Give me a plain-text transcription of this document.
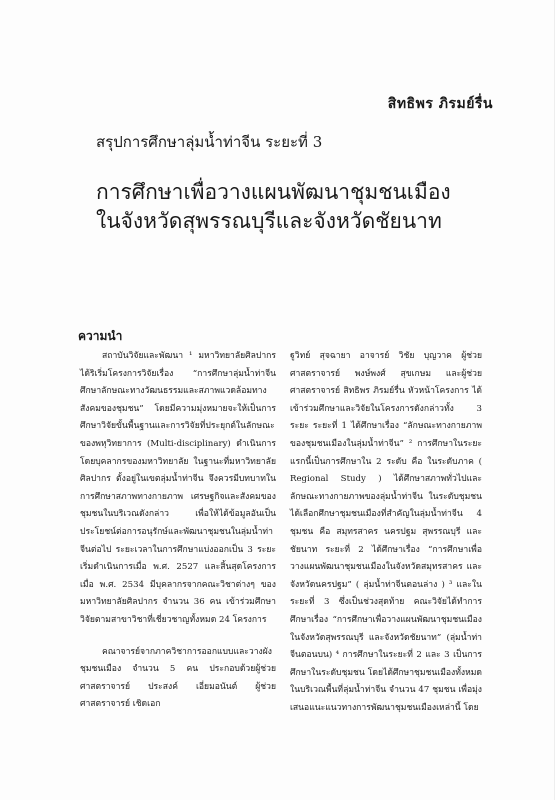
สิทธิพร ภิรมย์รื่น
สรุปการศึกษาลุ่มน้ำท่าจีน ระยะที่ 3
การศึกษาเพื่อวางแผนพัฒนาชุมชนเมือง
ในจังหวัดสุพรรณบุรีและจังหวัดชัยนาท
ความนำ

สถาบันวิจัยและพัฒนา ¹ มหาวิทยาลัยศิลปากร ได้ริเริ่มโครงการวิจัยเรื่อง “การศึกษาลุ่มน้ำท่าจีน ศึกษาลักษณะทางวัฒนธรรมและสภาพแวดล้อมทางสังคมของชุมชน” โดยมีความมุ่งหมายจะให้เป็นการศึกษาวิจัยขั้นพื้นฐานและการวิจัยที่ประยุกต์ในลักษณะของพหุวิทยาการ (Multi-disciplinary) ดำเนินการโดยบุคลากรของมหาวิทยาลัย ในฐานะที่มหาวิทยาลัยศิลปากร ตั้งอยู่ในเขตลุ่มน้ำท่าจีน จึงควรมีบทบาทในการศึกษาสภาพทางกายภาพ เศรษฐกิจและสังคมของชุมชนในบริเวณดังกล่าว เพื่อให้ได้ข้อมูลอันเป็นประโยชน์ต่อการอนุรักษ์และพัฒนาชุมชนในลุ่มน้ำท่าจีนต่อไป ระยะเวลาในการศึกษาแบ่งออกเป็น 3 ระยะ เริ่มดำเนินการเมื่อ พ.ศ. 2527 และสิ้นสุดโครงการเมื่อ พ.ศ. 2534 มีบุคลากรจากคณะวิชาต่างๆ ของมหาวิทยาลัยศิลปากร จำนวน 36 คน เข้าร่วมศึกษาวิจัยตามสาขาวิชาที่เชี่ยวชาญทั้งหมด 24 โครงการ

คณาจารย์จากภาควิชาการออกแบบและวางผังชุมชนเมือง จำนวน 5 คน ประกอบด้วยผู้ช่วยศาสตราจารย์ ประสงค์ เอี่ยมอนันต์ ผู้ช่วยศาสตราจารย์ เชิดเอก

ฐูวิทย์ สุจฉายา อาจารย์ วิชัย บุญวาค ผู้ช่วยศาสตราจารย์ พงษ์พงศ์ สุขเกษม และผู้ช่วยศาสตราจารย์ สิทธิพร ภิรมย์รื่น หัวหน้าโครงการ ได้เข้าร่วมศึกษาและวิจัยในโครงการดังกล่าวทั้ง 3 ระยะ ระยะที่ 1 ได้ศึกษาเรื่อง “ลักษณะทางกายภาพของชุมชนเมืองในลุ่มน้ำท่าจีน” ² การศึกษาในระยะแรกนี้เป็นการศึกษาใน 2 ระดับ คือ ในระดับภาค ( Regional Study ) ได้ศึกษาสภาพทั่วไปและลักษณะทางกายภาพของลุ่มน้ำท่าจีน ในระดับชุมชนได้เลือกศึกษาชุมชนเมืองที่สำคัญในลุ่มน้ำท่าจีน 4 ชุมชน คือ สมุทรสาคร นครปฐม สุพรรณบุรี และชัยนาท ระยะที่ 2 ได้ศึกษาเรื่อง “การศึกษาเพื่อวางแผนพัฒนาชุมชนเมืองในจังหวัดสมุทรสาคร และจังหวัดนครปฐม” ( ลุ่มน้ำท่าจีนตอนล่าง ) ³ และในระยะที่ 3 ซึ่งเป็นช่วงสุดท้าย คณะวิจัยได้ทำการศึกษาเรื่อง “การศึกษาเพื่อวางแผนพัฒนาชุมชนเมืองในจังหวัดสุพรรณบุรี และจังหวัดชัยนาท” (ลุ่มน้ำท่าจีนตอนบน) ⁴ การศึกษาในระยะที่ 2 และ 3 เป็นการศึกษาในระดับชุมชน โดยได้ศึกษาชุมชนเมืองทั้งหมดในบริเวณพื้นที่ลุ่มน้ำท่าจีน จำนวน 47 ชุมชน เพื่อมุ่งเสนอแนะแนวทางการพัฒนาชุมชนเมืองเหล่านี้ โดย
